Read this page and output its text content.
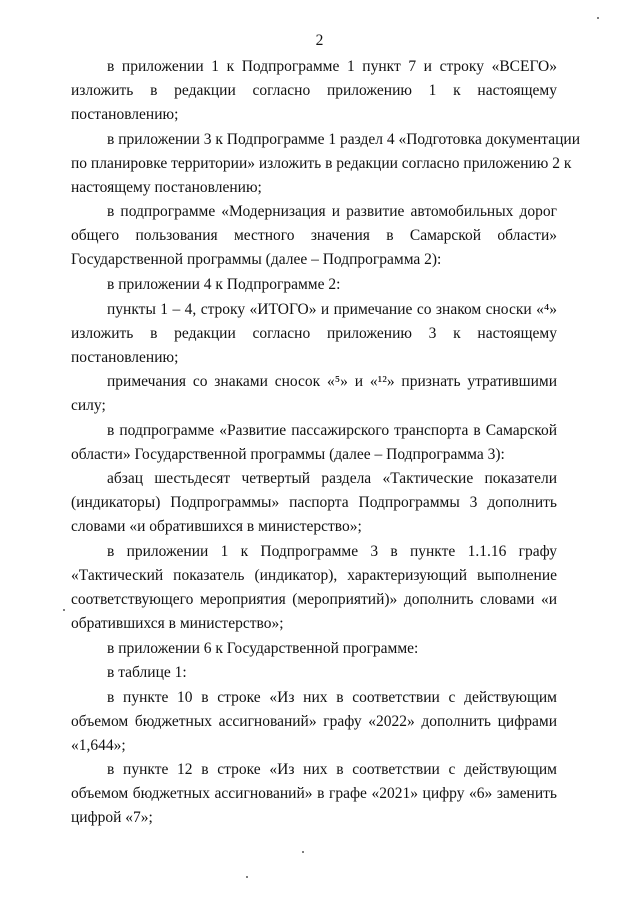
2
в приложении 1 к Подпрограмме 1 пункт 7 и строку «ВСЕГО»
изложить в редакции согласно приложению 1 к настоящему
постановлению;
в приложении 3 к Подпрограмме 1 раздел 4 «Подготовка документации
по планировке территории» изложить в редакции согласно приложению 2 к
настоящему постановлению;
в подпрограмме «Модернизация и развитие автомобильных дорог
общего пользования местного значения в Самарской области»
Государственной программы (далее – Подпрограмма 2):
в приложении 4 к Подпрограмме 2:
пункты 1 – 4, строку «ИТОГО» и примечание со знаком сноски «⁴»
изложить в редакции согласно приложению 3 к настоящему
постановлению;
примечания со знаками сносок «⁵» и «¹²» признать утратившими
силу;
в подпрограмме «Развитие пассажирского транспорта в Самарской
области» Государственной программы (далее – Подпрограмма 3):
абзац шестьдесят четвертый раздела «Тактические показатели
(индикаторы) Подпрограммы» паспорта Подпрограммы 3 дополнить
словами «и обратившихся в министерство»;
в приложении 1 к Подпрограмме 3 в пункте 1.1.16 графу
«Тактический показатель (индикатор), характеризующий выполнение
соответствующего мероприятия (мероприятий)» дополнить словами «и
обратившихся в министерство»;
в приложении 6 к Государственной программе:
в таблице 1:
в пункте 10 в строке «Из них в соответствии с действующим
объемом бюджетных ассигнований» графу «2022» дополнить цифрами
«1,644»;
в пункте 12 в строке «Из них в соответствии с действующим
объемом бюджетных ассигнований» в графе «2021» цифру «6» заменить
цифрой «7»;
